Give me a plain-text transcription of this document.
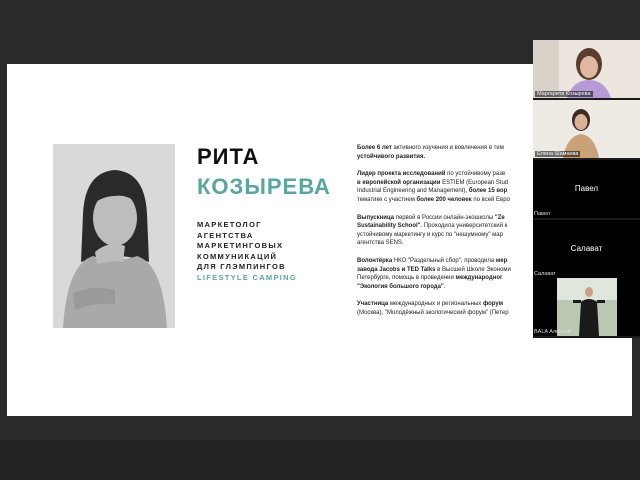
РИТА
КОЗЫРЕВА
МАРКЕТОЛОГ
АГЕНТСТВА
МАРКЕТИНГОВЫХ
КОММУНИКАЦИЙ
ДЛЯ ГЛЭМПИНГОВ
LIFESTYLE CAMPING

Более 6 лет активного изучения и вовлечения в тем
устойчивого развития.

Лидер проекта исследований по устойчивому разв
в европейской организации ESTIEM (European Stud
Industrial Engineering and Management), более 15 вор
тематике с участием более 200 человек по всей Евро

Выпускница первой в России онлайн-экошколы "Ze
Sustainability School". Проходила университетский к
устойчивому маркетингу и курс по "нешумному" мар
агентства SENS.

Волонтёрка НКО "Раздельный сбор", проводила мер
завода Jacobs и TED Talks в Высшей Школе Экономи
Петербурге, помощь в проведении международног
"Экология большого города".

Участница международных и региональных форум
(Москва), "Молодёжный экологический форум" (Петер

Маргарита Козырева
Елена Шамаева
Павел
Павел
Салават
Салават
BALA Алексей
